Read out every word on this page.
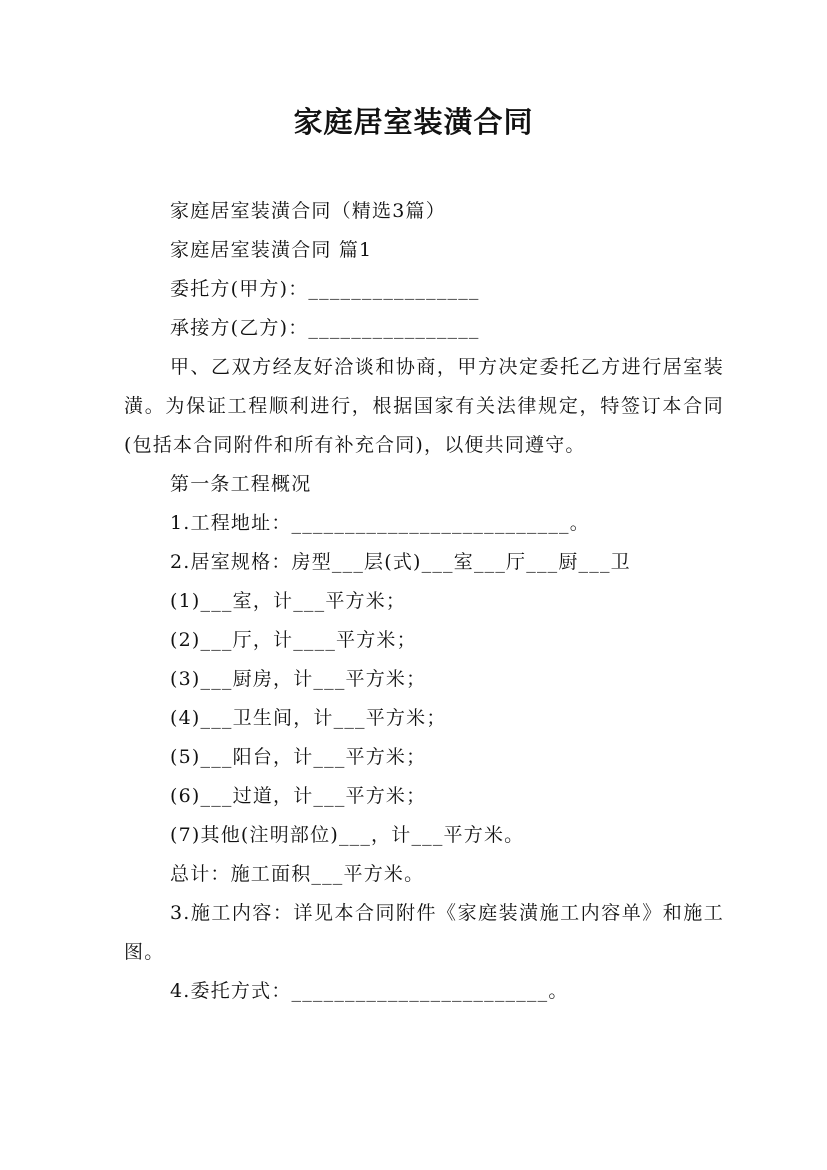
家庭居室装潢合同

家庭居室装潢合同（精选3篇）

家庭居室装潢合同 篇1

委托方(甲方)：________________

承接方(乙方)：________________

甲、乙双方经友好洽谈和协商，甲方决定委托乙方进行居室装潢。为保证工程顺利进行，根据国家有关法律规定，特签订本合同(包括本合同附件和所有补充合同)，以便共同遵守。

第一条工程概况

1.工程地址：__________________________。

2.居室规格：房型___层(式)___室___厅___厨___卫

(1)___室，计___平方米；

(2)___厅，计____平方米；

(3)___厨房，计___平方米；

(4)___卫生间，计___平方米；

(5)___阳台，计___平方米；

(6)___过道，计___平方米；

(7)其他(注明部位)___，计___平方米。

总计：施工面积___平方米。

3.施工内容：详见本合同附件《家庭装潢施工内容单》和施工图。

4.委托方式：________________________。
